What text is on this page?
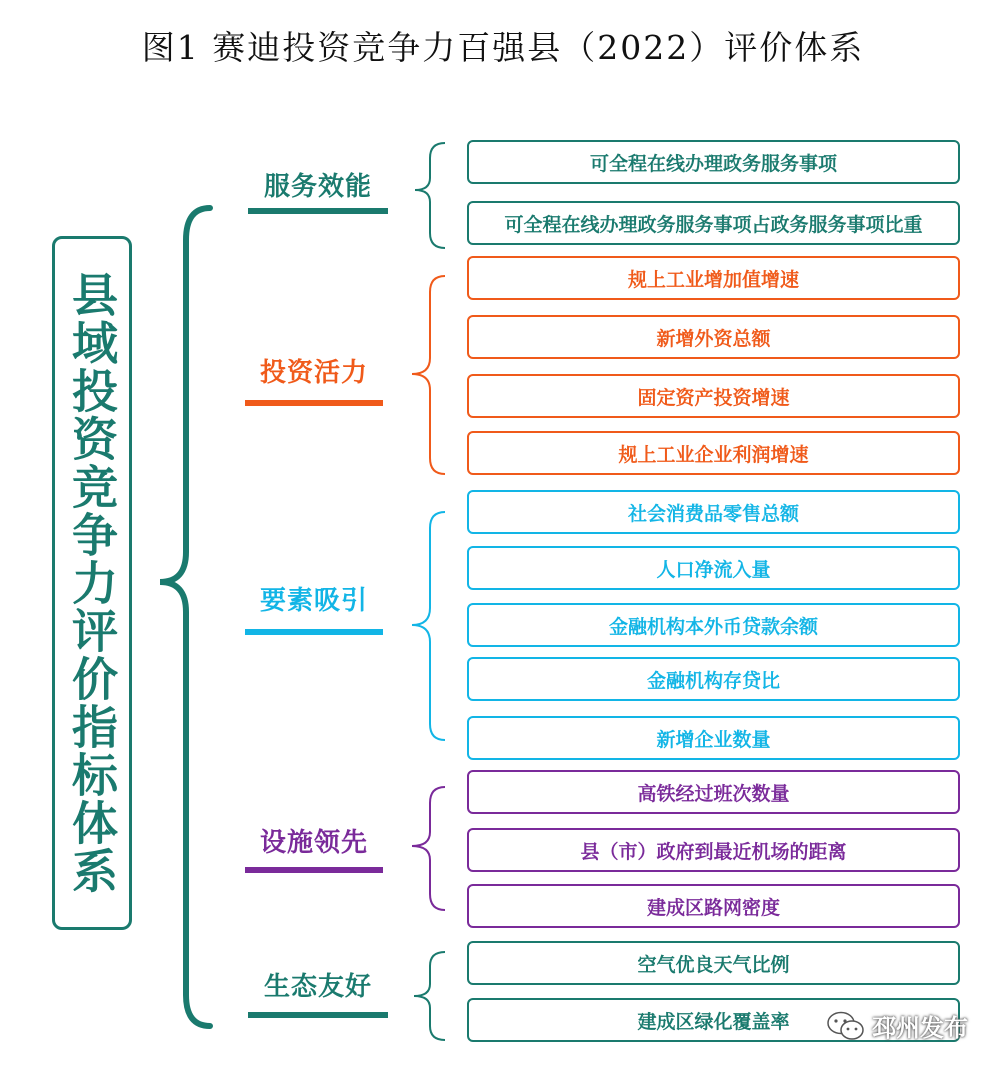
图1 赛迪投资竞争力百强县（2022）评价体系
县域投资竞争力评价指标体系
服务效能
投资活力
要素吸引
设施领先
生态友好
可全程在线办理政务服务事项
可全程在线办理政务服务事项占政务服务事项比重
规上工业增加值增速
新增外资总额
固定资产投资增速
规上工业企业利润增速
社会消费品零售总额
人口净流入量
金融机构本外币贷款余额
金融机构存贷比
新增企业数量
高铁经过班次数量
县（市）政府到最近机场的距离
建成区路网密度
空气优良天气比例
建成区绿化覆盖率	邳州发布
